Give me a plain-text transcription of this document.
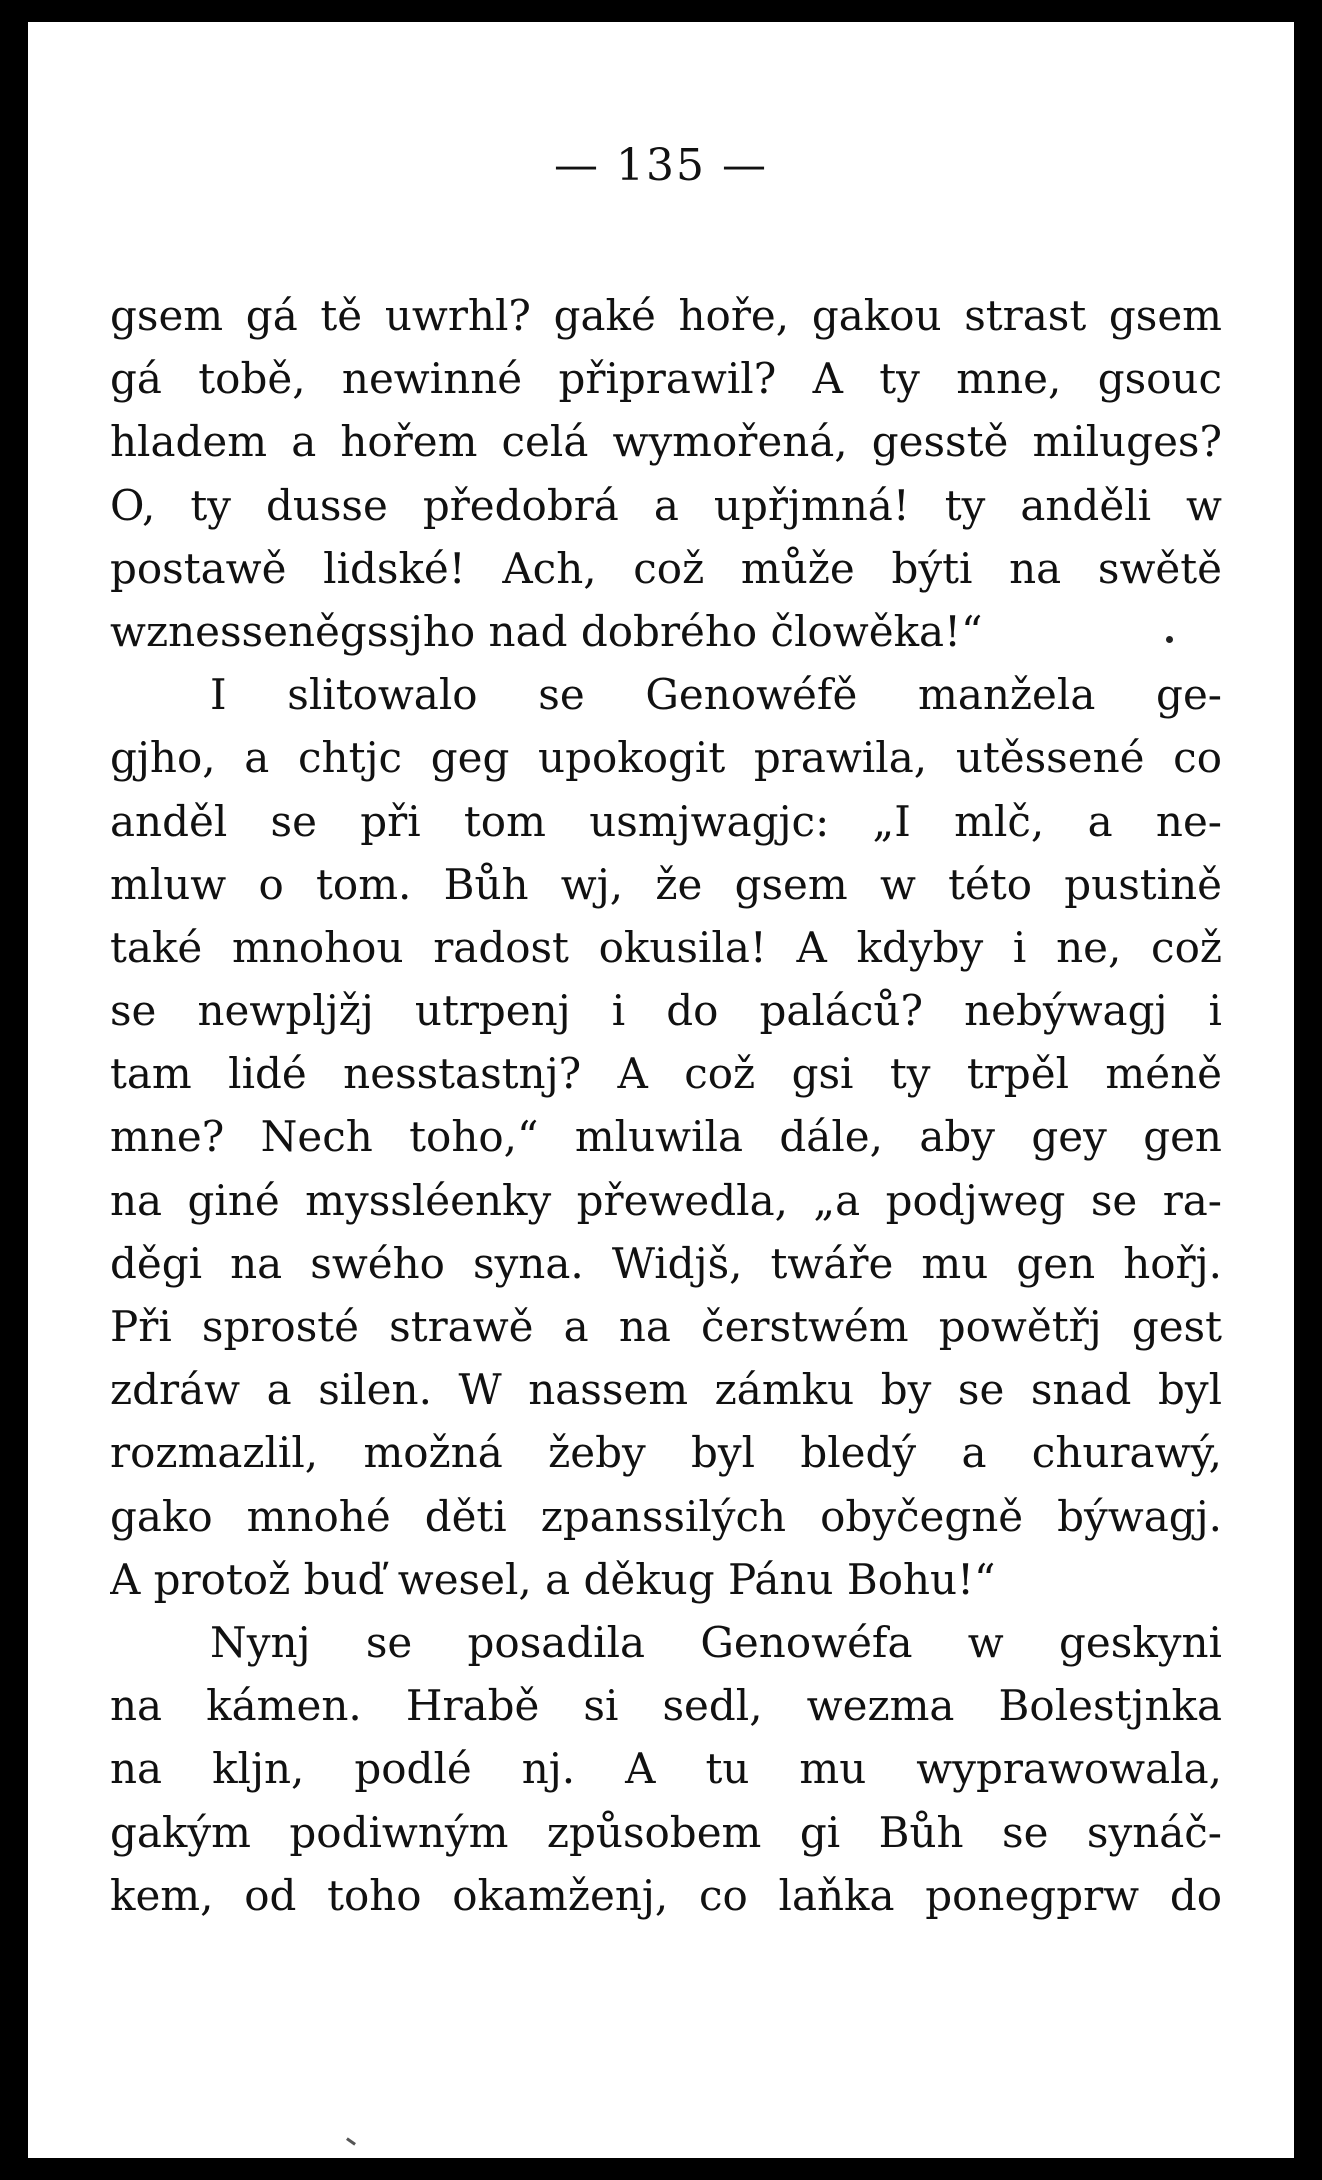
— 135 —
gsem gá tě uwrhl? gaké hoře, gakou strast gsem
gá tobě, newinné připrawil? A ty mne, gsouc
hladem a hořem celá wymořená, gesstě miluges?
O, ty dusse předobrá a upřjmná! ty anděli w
postawě lidské! Ach, což může býti na swětě
wznesseněgssjho nad dobrého člowěka!“
I slitowalo se Genowéfě manžela ge-
gjho, a chtjc geg upokogit prawila, utěssené co
anděl se při tom usmjwagjc: „I mlč, a ne-
mluw o tom. Bůh wj, že gsem w této pustině
také mnohou radost okusila! A kdyby i ne, což
se newpljžj utrpenj i do paláců? nebýwagj i
tam lidé nesstastnj? A což gsi ty trpěl méně
mne? Nech toho,“ mluwila dále, aby gey gen
na giné myssléenky přewedla, „a podjweg se ra-
děgi na swého syna. Widjš, twáře mu gen hořj.
Při sprosté strawě a na čerstwém powětřj gest
zdráw a silen. W nassem zámku by se snad byl
rozmazlil, možná žeby byl bledý a churawý,
gako mnohé děti zpanssilých obyčegně býwagj.
A protož buď wesel, a děkug Pánu Bohu!“
Nynj se posadila Genowéfa w geskyni
na kámen. Hrabě si sedl, wezma Bolestjnka
na kljn, podlé nj. A tu mu wyprawowala,
gakým podiwným způsobem gi Bůh se synáč-
kem, od toho okamženj, co laňka ponegprw do
